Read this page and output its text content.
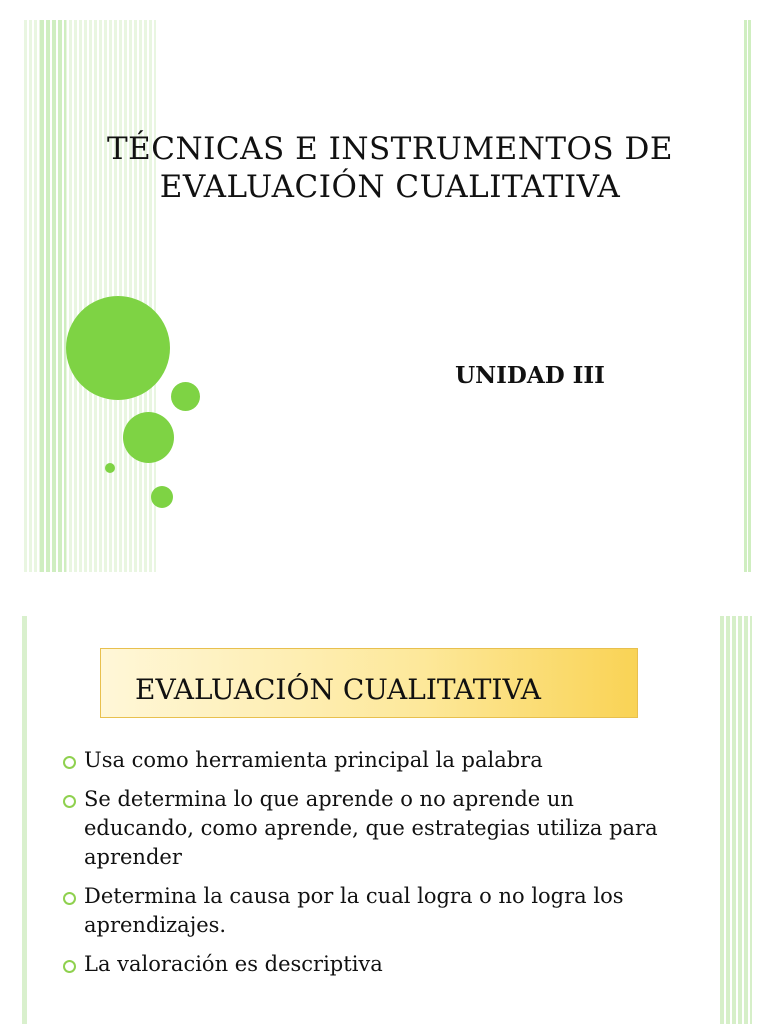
TÉCNICAS E INSTRUMENTOS DE
EVALUACIÓN CUALITATIVA
UNIDAD III
EVALUACIÓN CUALITATIVA
Usa como herramienta principal la palabra
Se determina lo que aprende o no aprende un educando, como aprende, que estrategias utiliza para aprender
Determina la causa por la cual logra o no logra los aprendizajes.
La valoración es descriptiva
